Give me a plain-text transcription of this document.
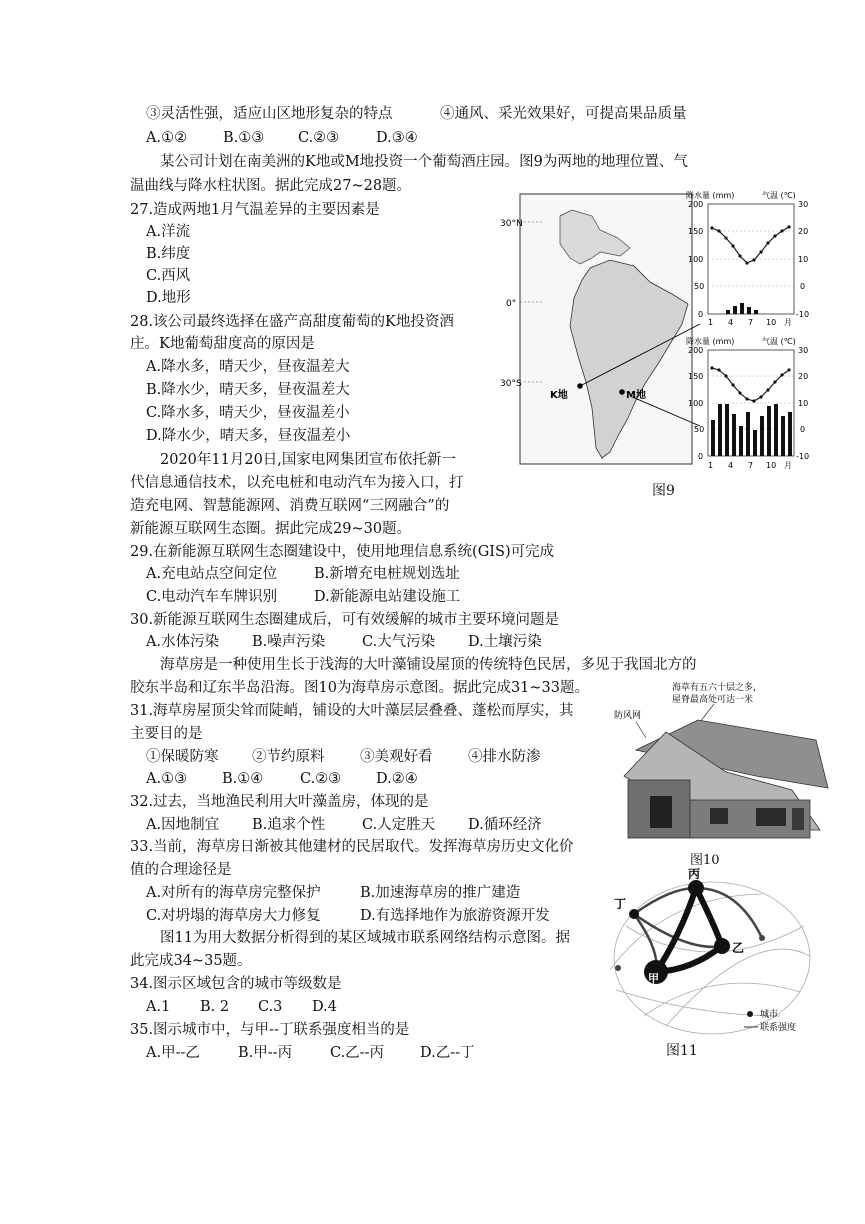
③灵活性强，适应山区地形复杂的特点	④通风、采光效果好，可提高果品质量
A.①② B.①③ C.②③	D.③④
某公司计划在南美洲的K地或M地投资一个葡萄酒庄园。图9为两地的地理位置、气
温曲线与降水柱状图。据此完成27~28题。
27.造成两地1月气温差异的主要因素是
A.洋流
B.纬度
C.西风
D.地形
28.该公司最终选择在盛产高甜度葡萄的K地投资酒
庄。K地葡萄甜度高的原因是
A.降水多，晴天少，昼夜温差大
B.降水少，晴天多，昼夜温差大
C.降水多，晴天少，昼夜温差小
D.降水少，晴天多，昼夜温差小
2020年11月20日,国家电网集团宣布依托新一
代信息通信技术，以充电桩和电动汽车为接入口，打
造充电网、智慧能源网、消费互联网“三网融合”的
新能源互联网生态圈。据此完成29~30题。
29.在新能源互联网生态圈建设中，使用地理信息系统(GIS)可完成
A.充电站点空间定位	B.新增充电桩规划选址
C.电动汽车车牌识别	D.新能源电站建设施工
30.新能源互联网生态圈建成后，可有效缓解的城市主要环境问题是
A.水体污染 B.噪声污染	C.大气污染 D.土壤污染
海草房是一种使用生长于浅海的大叶藻铺设屋顶的传统特色民居，多见于我国北方的
胶东半岛和辽东半岛沿海。图10为海草房示意图。据此完成31~33题。
31.海草房屋顶尖耸而陡峭，铺设的大叶藻层层叠叠、蓬松而厚实，其
主要目的是
①保暖防寒 ②节约原料 ③美观好看 ④排水防渗
A.①③ B.①④	C.②③ D.②④
32.过去，当地渔民利用大叶藻盖房，体现的是
A.因地制宜 B.追求个性	C.人定胜天 D.循环经济
33.当前，海草房日渐被其他建材的民居取代。发挥海草房历史文化价
值的合理途径是
A.对所有的海草房完整保护	B.加速海草房的推广建造
C.对坍塌的海草房大力修复	D.有选择地作为旅游资源开发
图11为用大数据分析得到的某区域城市联系网络结构示意图。据
此完成34~35题。
34.图示区域包含的城市等级数是
A.1 B. 2 C.3 D.4
35.图示城市中，与甲--丁联系强度相当的是
A.甲--乙	B.甲--丙	C.乙--丙 D.乙--丁
30°N
0°
30°S
K地	M地
降水量 (mm)	气温 (℃)
200
150
100
50
0
30
20
10
0
-10
1 4 7 10 月
降水量 (mm)	气温 (℃)
200
150
100
50
0
30
20
10
0
-10
1 4 7 10 月
图9
海草有五六十层之多，
屋脊最高处可达一米
防风网
图10
丙
丁
乙
甲
城市
联系强度
图11
